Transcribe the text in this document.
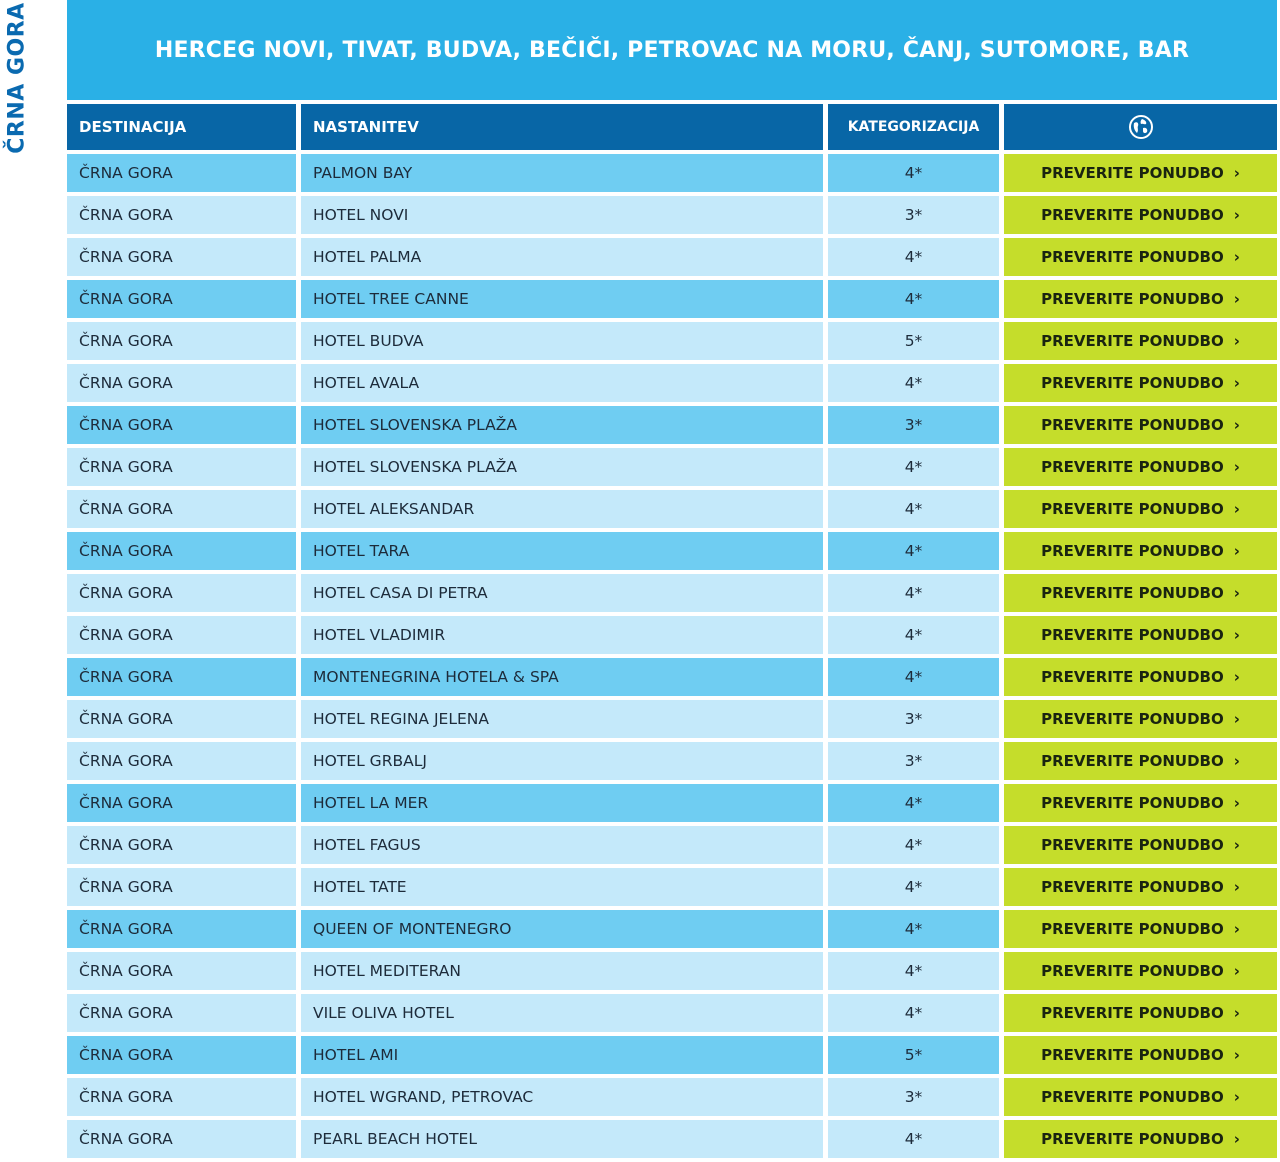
ČRNA GORA	HERCEG NOVI, TIVAT, BUDVA, BEČIČI, PETROVAC NA MORU, ČANJ, SUTOMORE, BAR
DESTINACIJA	NASTANITEV	KATEGORIZACIJA
ČRNA GORA	PALMON BAY	4*	PREVERITE PONUDBO ›
ČRNA GORA	HOTEL NOVI	3*	PREVERITE PONUDBO ›
ČRNA GORA	HOTEL PALMA	4*	PREVERITE PONUDBO ›
ČRNA GORA	HOTEL TREE CANNE	4*	PREVERITE PONUDBO ›
ČRNA GORA	HOTEL BUDVA	5*	PREVERITE PONUDBO ›
ČRNA GORA	HOTEL AVALA	4*	PREVERITE PONUDBO ›
ČRNA GORA	HOTEL SLOVENSKA PLAŽA	3*	PREVERITE PONUDBO ›
ČRNA GORA	HOTEL SLOVENSKA PLAŽA	4*	PREVERITE PONUDBO ›
ČRNA GORA	HOTEL ALEKSANDAR	4*	PREVERITE PONUDBO ›
ČRNA GORA	HOTEL TARA	4*	PREVERITE PONUDBO ›
ČRNA GORA	HOTEL CASA DI PETRA	4*	PREVERITE PONUDBO ›
ČRNA GORA	HOTEL VLADIMIR	4*	PREVERITE PONUDBO ›
ČRNA GORA	MONTENEGRINA HOTELA & SPA	4*	PREVERITE PONUDBO ›
ČRNA GORA	HOTEL REGINA JELENA	3*	PREVERITE PONUDBO ›
ČRNA GORA	HOTEL GRBALJ	3*	PREVERITE PONUDBO ›
ČRNA GORA	HOTEL LA MER	4*	PREVERITE PONUDBO ›
ČRNA GORA	HOTEL FAGUS	4*	PREVERITE PONUDBO ›
ČRNA GORA	HOTEL TATE	4*	PREVERITE PONUDBO ›
ČRNA GORA	QUEEN OF MONTENEGRO	4*	PREVERITE PONUDBO ›
ČRNA GORA	HOTEL MEDITERAN	4*	PREVERITE PONUDBO ›
ČRNA GORA	VILE OLIVA HOTEL	4*	PREVERITE PONUDBO ›
ČRNA GORA	HOTEL AMI	5*	PREVERITE PONUDBO ›
ČRNA GORA	HOTEL WGRAND, PETROVAC	3*	PREVERITE PONUDBO ›
ČRNA GORA	PEARL BEACH HOTEL	4*	PREVERITE PONUDBO ›
